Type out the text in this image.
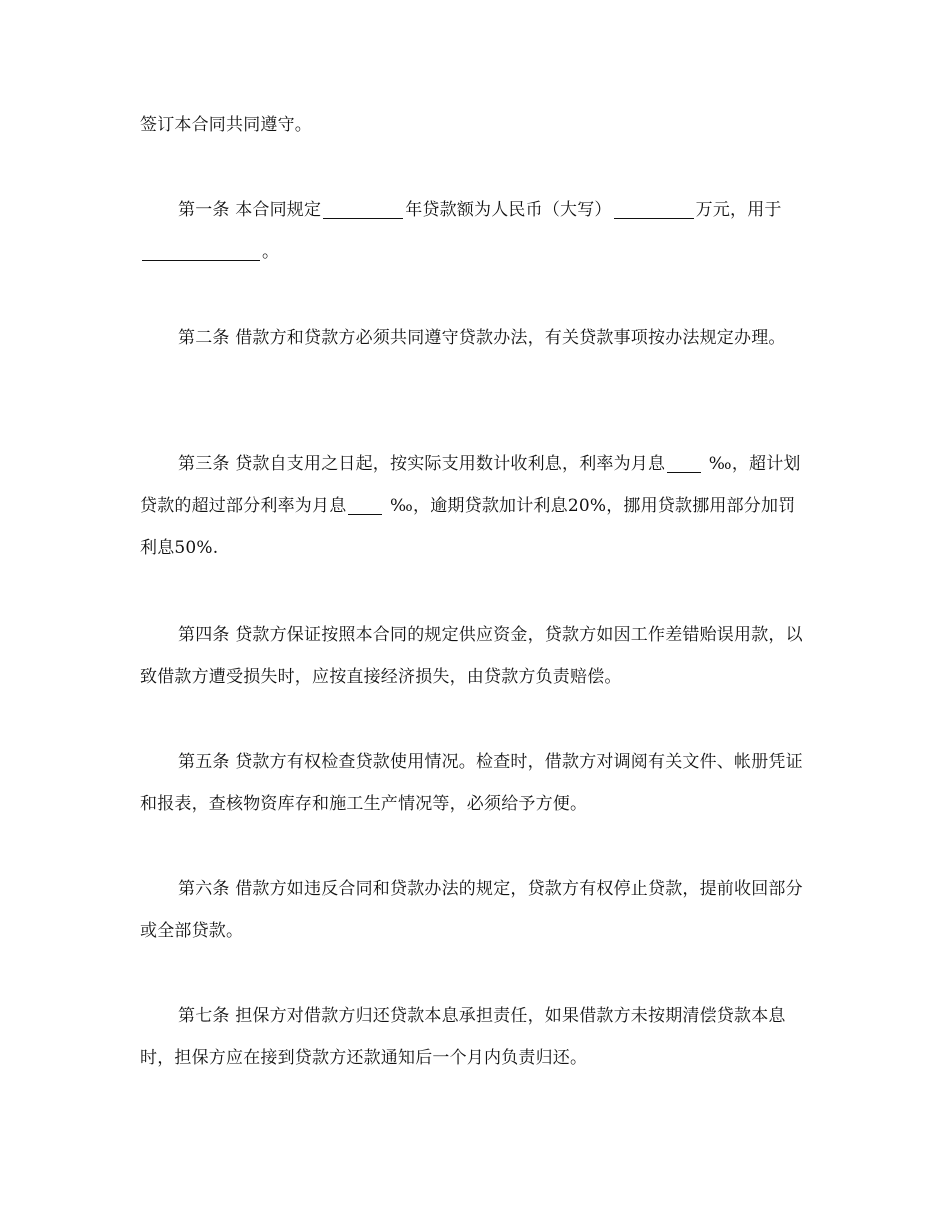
签订本合同共同遵守。

第一条 本合同规定	年贷款额为人民币（大写）	万元，用于。

第二条 借款方和贷款方必须共同遵守贷款办法，有关贷款事项按办法规定办理。

第三条 贷款自支用之日起，按实际支用数计收利息，利率为月息 ‰，超计划贷款的超过部分利率为月息 ‰，逾期贷款加计利息20%，挪用贷款挪用部分加罚利息50%.

第四条 贷款方保证按照本合同的规定供应资金，贷款方如因工作差错贻误用款，以致借款方遭受损失时，应按直接经济损失，由贷款方负责赔偿。

第五条 贷款方有权检查贷款使用情况。检查时，借款方对调阅有关文件、帐册凭证和报表，查核物资库存和施工生产情况等，必须给予方便。

第六条 借款方如违反合同和贷款办法的规定，贷款方有权停止贷款，提前收回部分或全部贷款。

第七条 担保方对借款方归还贷款本息承担责任，如果借款方未按期清偿贷款本息时，担保方应在接到贷款方还款通知后一个月内负责归还。
